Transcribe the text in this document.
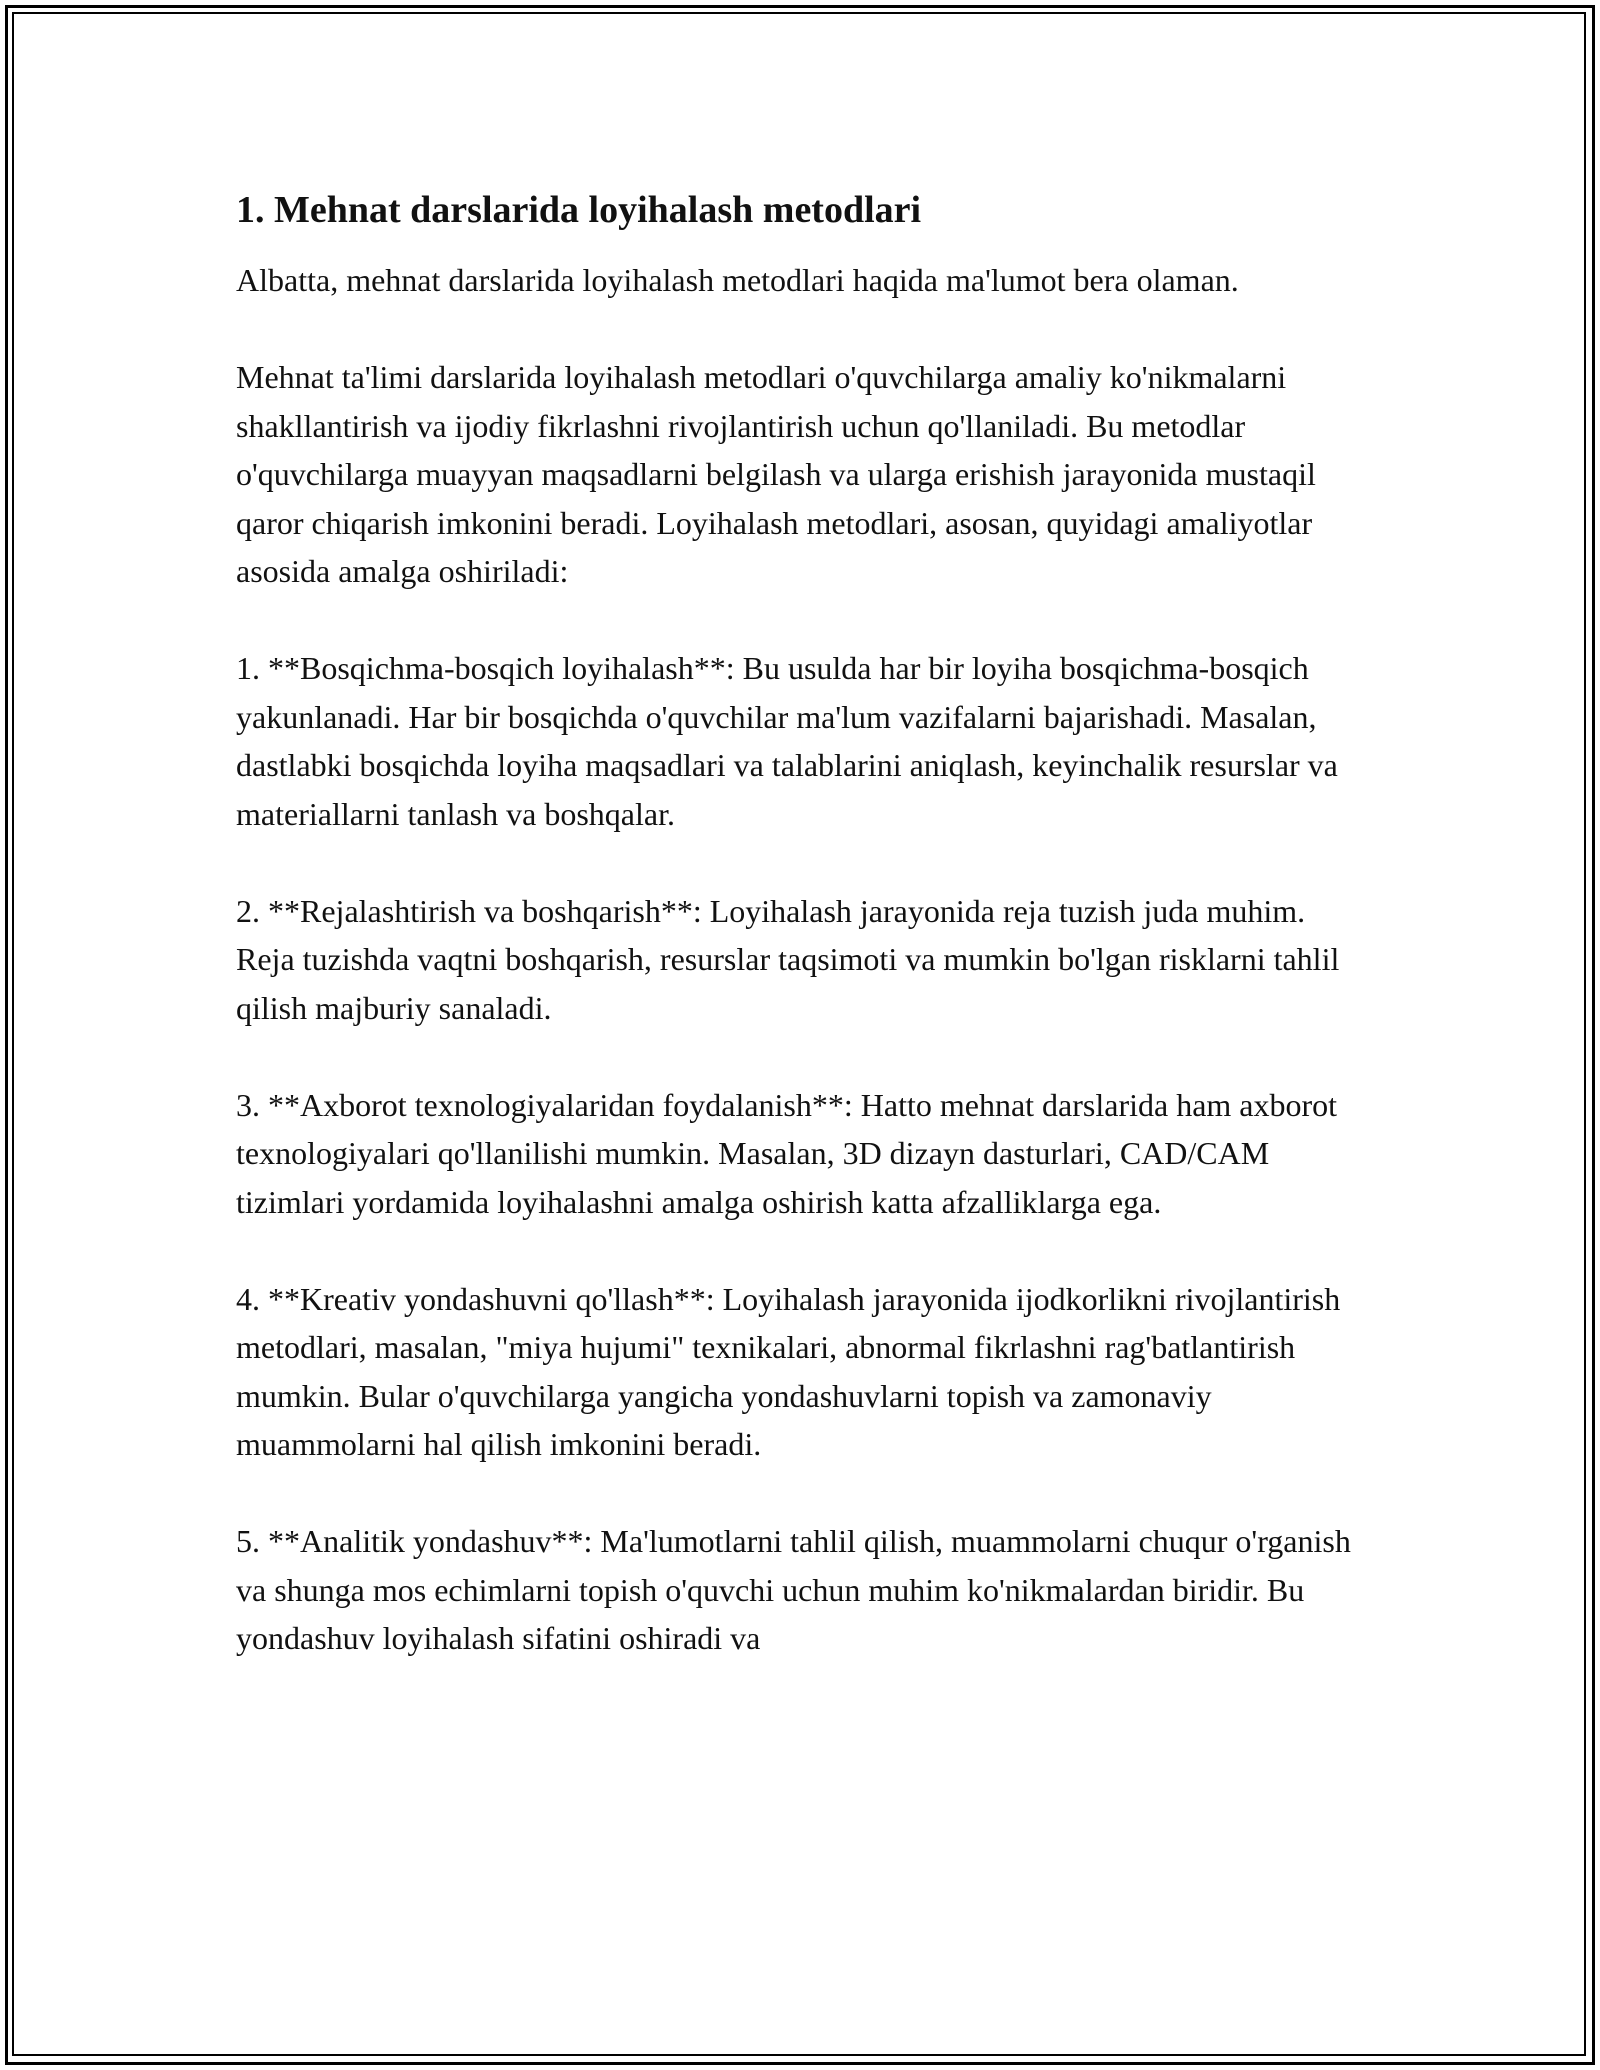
1. Mehnat darslarida loyihalash metodlari

Albatta, mehnat darslarida loyihalash metodlari haqida ma'lumot bera olaman.

Mehnat ta'limi darslarida loyihalash metodlari o'quvchilarga amaliy ko'nikmalarni shakllantirish va ijodiy fikrlashni rivojlantirish uchun qo'llaniladi. Bu metodlar o'quvchilarga muayyan maqsadlarni belgilash va ularga erishish jarayonida mustaqil qaror chiqarish imkonini beradi. Loyihalash metodlari, asosan, quyidagi amaliyotlar asosida amalga oshiriladi:

1. **Bosqichma-bosqich loyihalash**: Bu usulda har bir loyiha bosqichma-bosqich yakunlanadi. Har bir bosqichda o'quvchilar ma'lum vazifalarni bajarishadi. Masalan, dastlabki bosqichda loyiha maqsadlari va talablarini aniqlash, keyinchalik resurslar va materiallarni tanlash va boshqalar.

2. **Rejalashtirish va boshqarish**: Loyihalash jarayonida reja tuzish juda muhim. Reja tuzishda vaqtni boshqarish, resurslar taqsimoti va mumkin bo'lgan risklarni tahlil qilish majburiy sanaladi.

3. **Axborot texnologiyalaridan foydalanish**: Hatto mehnat darslarida ham axborot texnologiyalari qo'llanilishi mumkin. Masalan, 3D dizayn dasturlari, CAD/CAM tizimlari yordamida loyihalashni amalga oshirish katta afzalliklarga ega.

4. **Kreativ yondashuvni qo'llash**: Loyihalash jarayonida ijodkorlikni rivojlantirish metodlari, masalan, "miya hujumi" texnikalari, abnormal fikrlashni rag'batlantirish mumkin. Bular o'quvchilarga yangicha yondashuvlarni topish va zamonaviy muammolarni hal qilish imkonini beradi.

5. **Analitik yondashuv**: Ma'lumotlarni tahlil qilish, muammolarni chuqur o'rganish va shunga mos echimlarni topish o'quvchi uchun muhim ko'nikmalardan biridir. Bu yondashuv loyihalash sifatini oshiradi va
